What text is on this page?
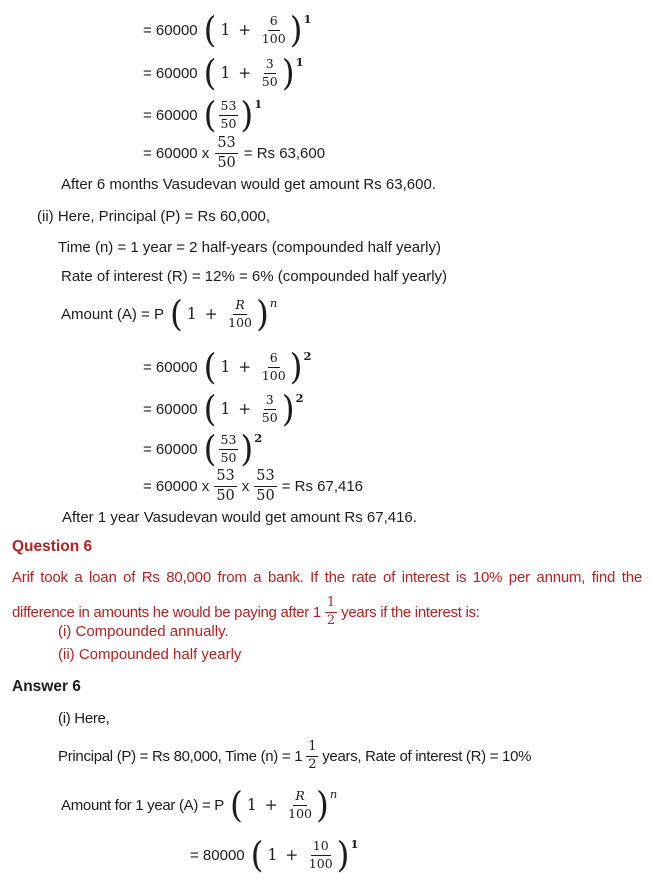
= 60000 ( $1 + \frac{6}{100}$ ) 1
= 60000 ( $1 + \frac{3}{50}$ ) 1
= 60000 ( $\frac{53}{50}$ ) 1
= 60000 x $\frac{53}{50} = Rs$ 63,600
After 6 months Vasudevan would get amount Rs 63,600.
(ii) Here, Principal (P) = Rs 60,000,
Time (n) = 1 year = 2 half-years (compounded half yearly)
Rate of interest (R) = 12% = 6% (compounded half yearly)
Amount (A) = P ( $1 + \frac{R}{100}$ ) n
= 60000 ( $1 + \frac{6}{100}$ ) 2
= 60000 ( $1 + \frac{3}{50}$ ) 2
= 60000 ( $\frac{53}{50}$ ) 2
= 60000 x $\frac{53}{50}$ x $\frac{53}{50} = Rs$ 67,416
After 1 year Vasudevan would get amount Rs 67,416.
Question 6
Arif took a loan of Rs 80,000 from a bank. If the rate of interest is 10% per annum, find the
difference in amounts he would be paying after $1 \frac{1}{2}$ years if the interest is:
(i) Compounded annually.
(ii) Compounded half yearly
Answer 6
(i) Here,
Principal (P) = Rs 80,000, Time $(n) = 1 \frac{1}{2}$ years, Rate of interest (R) = 10%
Amount for 1 year (A) = P ( $1 + \frac{R}{100}$ ) n
= 80000 ( $1 + \frac{10}{100}$ ) 1
